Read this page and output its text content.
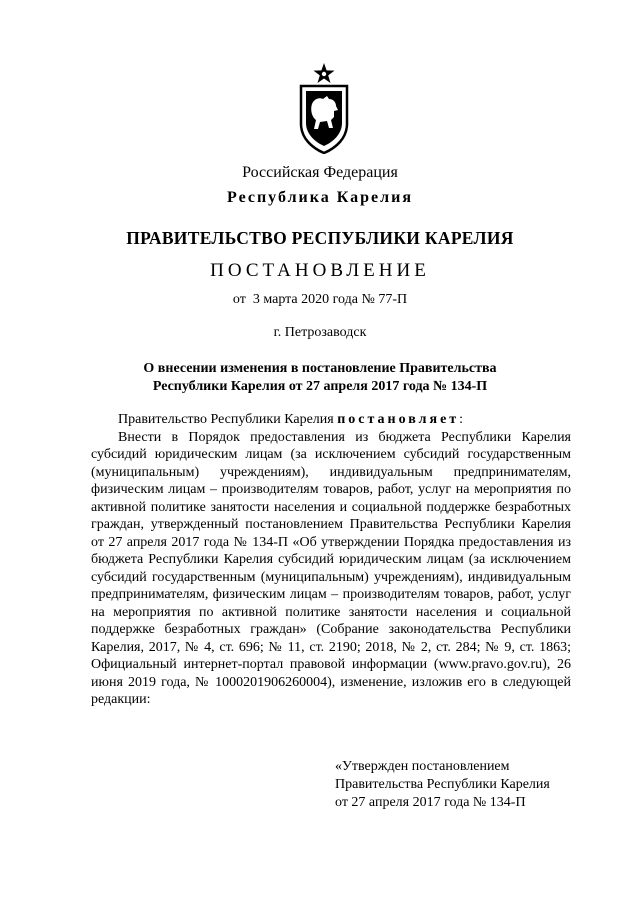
Российская Федерация
Республика Карелия
ПРАВИТЕЛЬСТВО РЕСПУБЛИКИ КАРЕЛИЯ
ПОСТАНОВЛЕНИЕ
от  3 марта 2020 года № 77-П
г. Петрозаводск
О внесении изменения в постановление Правительства
Республики Карелия от 27 апреля 2017 года № 134-П

Правительство Республики Карелия постановляет:

Внести в Порядок предоставления из бюджета Республики Карелия субсидий юридическим лицам (за исключением субсидий государственным (муниципальным) учреждениям), индивидуальным предпринимателям, физическим лицам – производителям товаров, работ, услуг на мероприятия по активной политике занятости населения и социальной поддержке безработных граждан, утвержденный постановлением Правительства Республики Карелия от 27 апреля 2017 года № 134-П «Об утверждении Порядка предоставления из бюджета Республики Карелия субсидий юридическим лицам (за исключением субсидий государственным (муниципальным) учреждениям), индивидуальным предпринимателям, физическим лицам – производителям товаров, работ, услуг на мероприятия по активной политике занятости населения и социальной поддержке безработных граждан» (Собрание законодательства Республики Карелия, 2017, № 4, ст. 696; № 11, ст. 2190; 2018, № 2, ст. 284; № 9, ст. 1863; Официальный интернет-портал правовой информации (www.pravo.gov.ru), 26 июня 2019 года, № 1000201906260004), изменение, изложив его в следующей редакции:

«Утвержден постановлением
Правительства Республики Карелия
от 27 апреля 2017 года № 134-П
